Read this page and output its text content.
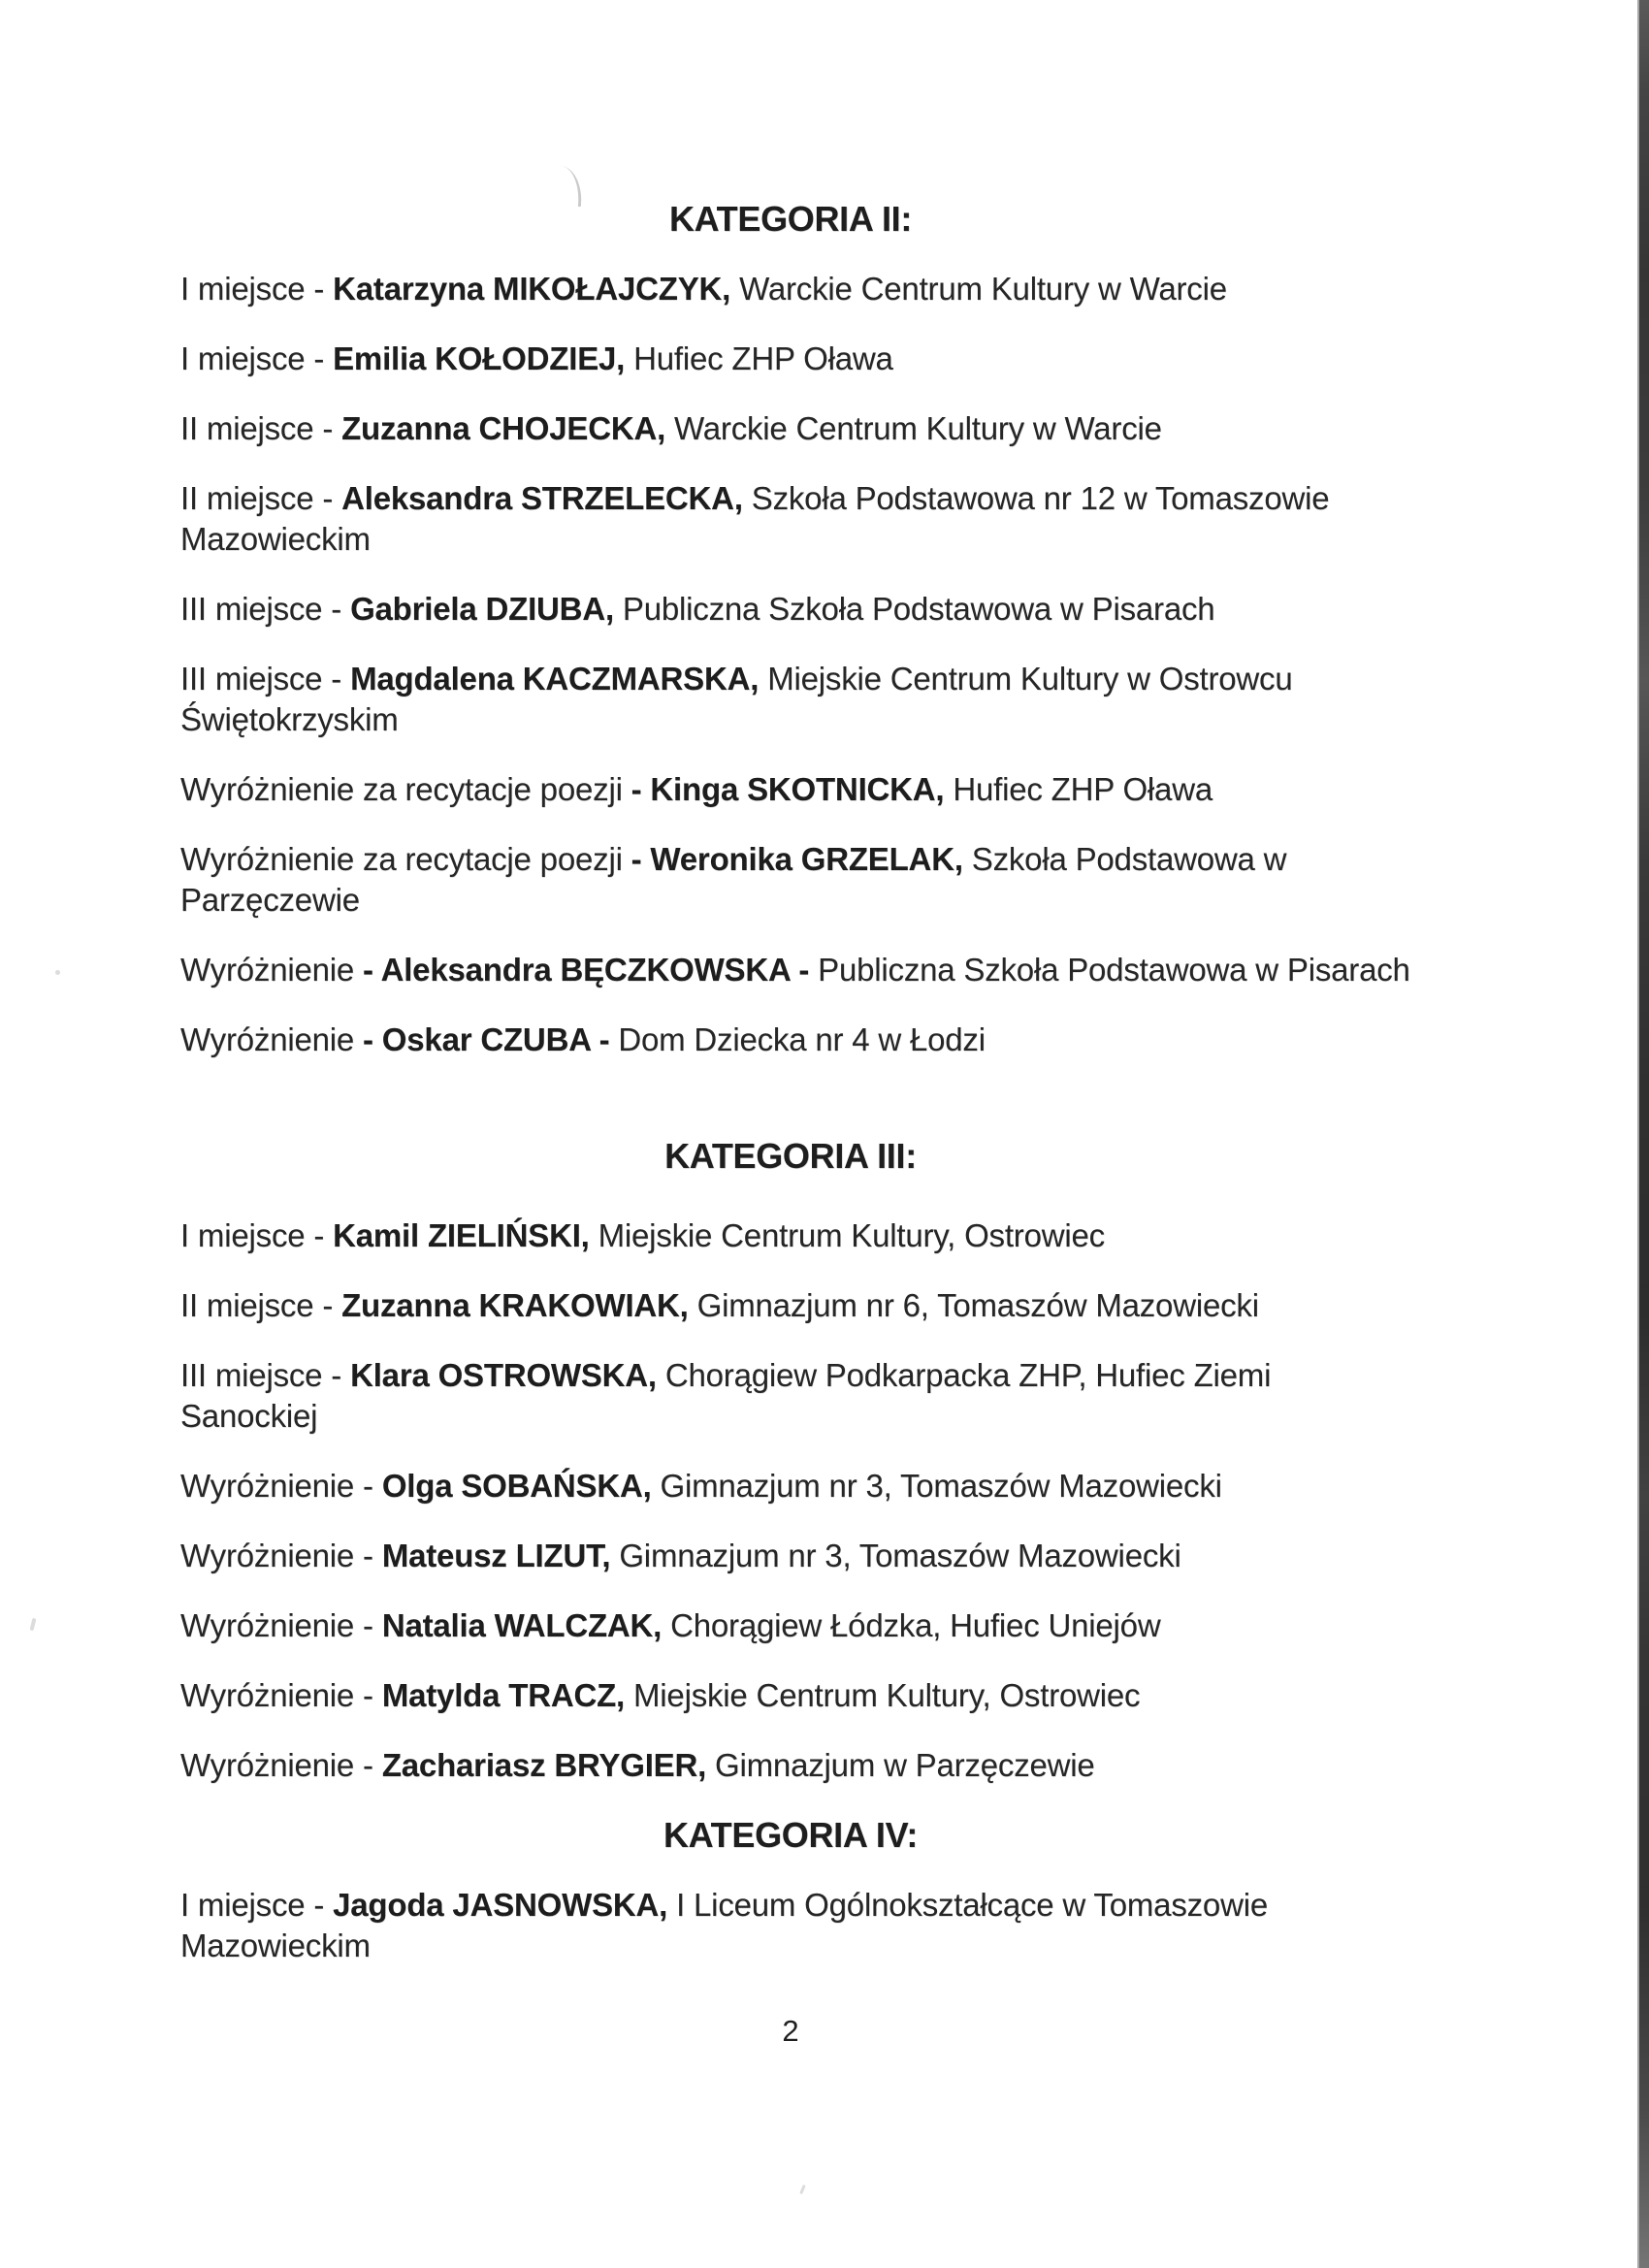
KATEGORIA II:

I miejsce - Katarzyna MIKOŁAJCZYK, Warckie Centrum Kultury w Warcie

I miejsce - Emilia KOŁODZIEJ, Hufiec ZHP Oława

II miejsce - Zuzanna CHOJECKA, Warckie Centrum Kultury w Warcie

II miejsce - Aleksandra STRZELECKA, Szkoła Podstawowa nr 12 w Tomaszowie
Mazowieckim

III miejsce - Gabriela DZIUBA, Publiczna Szkoła Podstawowa w Pisarach

III miejsce - Magdalena KACZMARSKA, Miejskie Centrum Kultury w Ostrowcu
Świętokrzyskim

Wyróżnienie za recytacje poezji - Kinga SKOTNICKA, Hufiec ZHP Oława

Wyróżnienie za recytacje poezji - Weronika GRZELAK, Szkoła Podstawowa w
Parzęczewie

Wyróżnienie - Aleksandra BĘCZKOWSKA - Publiczna Szkoła Podstawowa w Pisarach

Wyróżnienie - Oskar CZUBA - Dom Dziecka nr 4 w Łodzi

KATEGORIA III:

I miejsce - Kamil ZIELIŃSKI, Miejskie Centrum Kultury, Ostrowiec

II miejsce - Zuzanna KRAKOWIAK, Gimnazjum nr 6, Tomaszów Mazowiecki

III miejsce - Klara OSTROWSKA, Chorągiew Podkarpacka ZHP, Hufiec Ziemi
Sanockiej

Wyróżnienie - Olga SOBAŃSKA, Gimnazjum nr 3, Tomaszów Mazowiecki

Wyróżnienie - Mateusz LIZUT, Gimnazjum nr 3, Tomaszów Mazowiecki

Wyróżnienie - Natalia WALCZAK, Chorągiew Łódzka, Hufiec Uniejów

Wyróżnienie - Matylda TRACZ, Miejskie Centrum Kultury, Ostrowiec

Wyróżnienie - Zachariasz BRYGIER, Gimnazjum w Parzęczewie

KATEGORIA IV:

I miejsce - Jagoda JASNOWSKA, I Liceum Ogólnokształcące w Tomaszowie
Mazowieckim

2
